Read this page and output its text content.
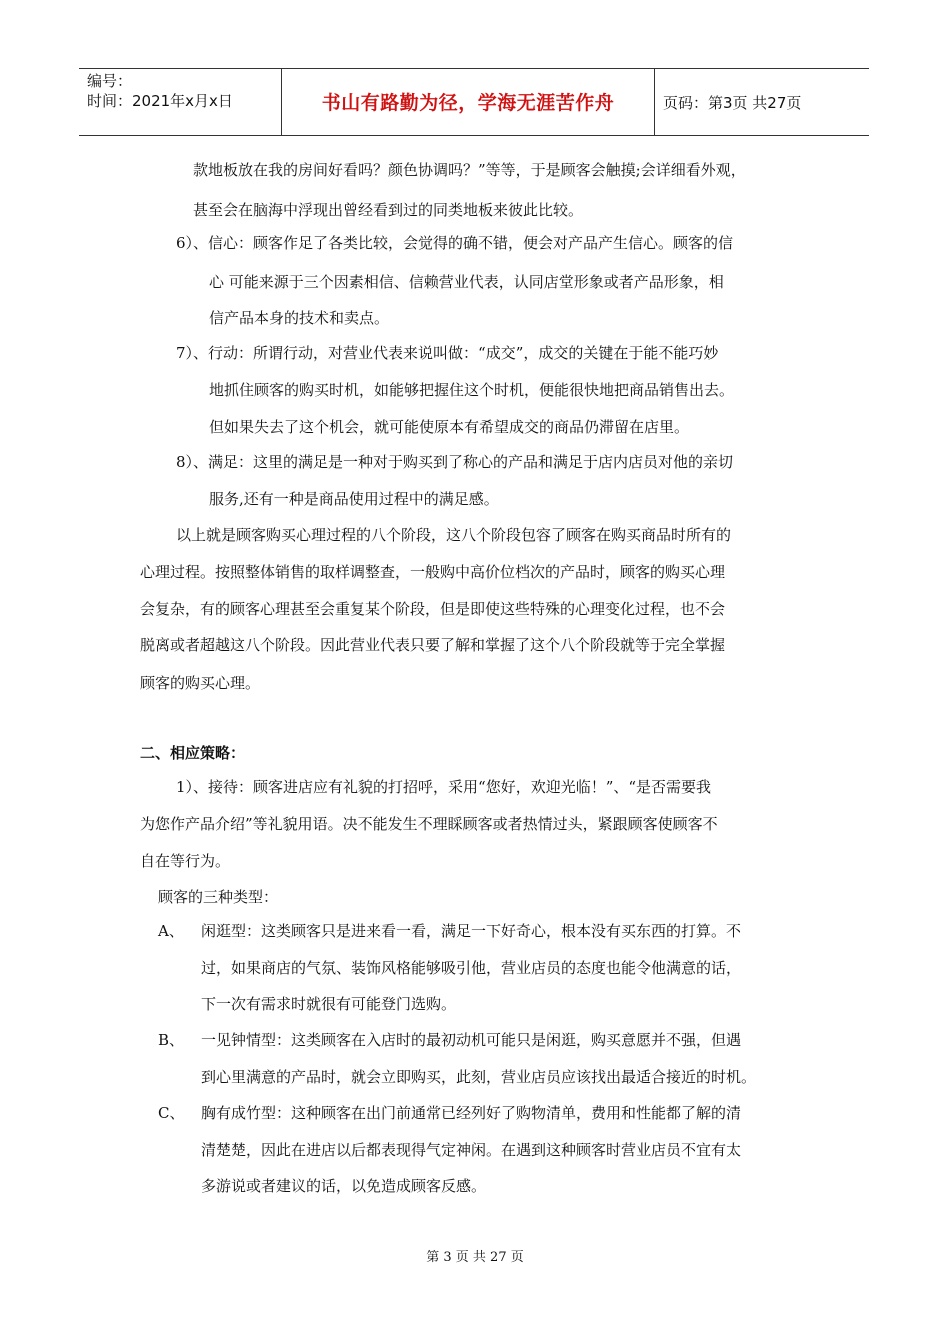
编号：
时间：2021年x月x日	书山有路勤为径，学海无涯苦作舟	页码：第3页 共27页
款地板放在我的房间好看吗？颜色协调吗？”等等，于是顾客会触摸;会详细看外观，
甚至会在脑海中浮现出曾经看到过的同类地板来彼此比较。
6）、信心：顾客作足了各类比较，会觉得的确不错，便会对产品产生信心。顾客的信
心 可能来源于三个因素相信、信赖营业代表，认同店堂形象或者产品形象，相
信产品本身的技术和卖点。
7）、行动：所谓行动，对营业代表来说叫做：“成交”，成交的关键在于能不能巧妙
地抓住顾客的购买时机，如能够把握住这个时机，便能很快地把商品销售出去。
但如果失去了这个机会，就可能使原本有希望成交的商品仍滞留在店里。
8）、满足：这里的满足是一种对于购买到了称心的产品和满足于店内店员对他的亲切
服务,还有一种是商品使用过程中的满足感。
以上就是顾客购买心理过程的八个阶段，这八个阶段包容了顾客在购买商品时所有的
心理过程。按照整体销售的取样调整查，一般购中高价位档次的产品时，顾客的购买心理
会复杂，有的顾客心理甚至会重复某个阶段，但是即使这些特殊的心理变化过程，也不会
脱离或者超越这八个阶段。因此营业代表只要了解和掌握了这个八个阶段就等于完全掌握
顾客的购买心理。
二、相应策略：
1）、接待：顾客进店应有礼貌的打招呼，采用“您好，欢迎光临！”、“是否需要我
为您作产品介绍”等礼貌用语。决不能发生不理睬顾客或者热情过头，紧跟顾客使顾客不
自在等行为。
顾客的三种类型：
A、 闲逛型：这类顾客只是进来看一看，满足一下好奇心，根本没有买东西的打算。不
过，如果商店的气氛、装饰风格能够吸引他，营业店员的态度也能令他满意的话，
下一次有需求时就很有可能登门选购。
B、 一见钟情型：这类顾客在入店时的最初动机可能只是闲逛，购买意愿并不强，但遇
到心里满意的产品时，就会立即购买，此刻，营业店员应该找出最适合接近的时机。
C、 胸有成竹型：这种顾客在出门前通常已经列好了购物清单，费用和性能都了解的清
清楚楚，因此在进店以后都表现得气定神闲。在遇到这种顾客时营业店员不宜有太
多游说或者建议的话，以免造成顾客反感。
第 3 页 共 27 页
